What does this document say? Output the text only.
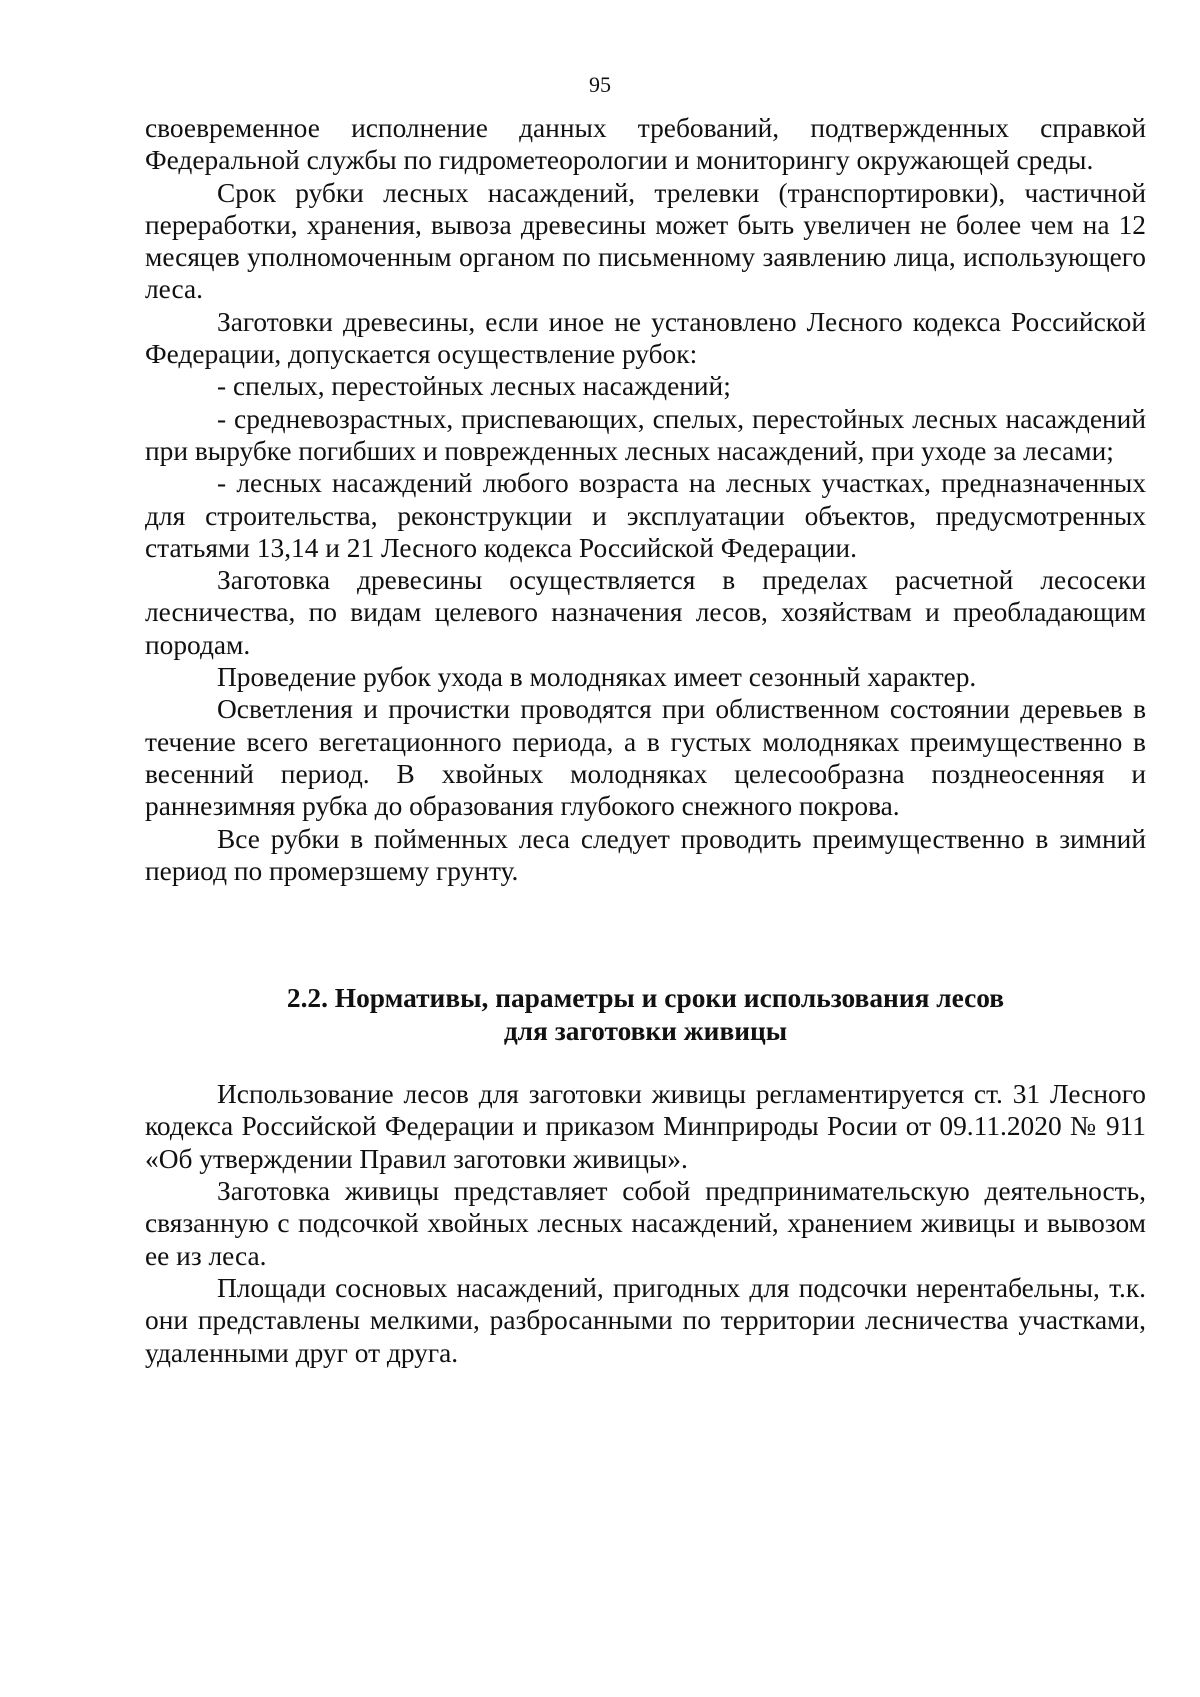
95

своевременное исполнение данных требований, подтвержденных справкой Федеральной службы по гидрометеорологии и мониторингу окружающей среды.

Срок рубки лесных насаждений, трелевки (транспортировки), частичной переработки, хранения, вывоза древесины может быть увеличен не более чем на 12 месяцев уполномоченным органом по письменному заявлению лица, использующего леса.

Заготовки древесины, если иное не установлено Лесного кодекса Российской Федерации, допускается осуществление рубок:

- спелых, перестойных лесных насаждений;

- средневозрастных, приспевающих, спелых, перестойных лесных насаждений при вырубке погибших и поврежденных лесных насаждений, при уходе за лесами;

- лесных насаждений любого возраста на лесных участках, предназначенных для строительства, реконструкции и эксплуатации объектов, предусмотренных статьями 13,14 и 21 Лесного кодекса Российской Федерации.

Заготовка древесины осуществляется в пределах расчетной лесосеки лесничества, по видам целевого назначения лесов, хозяйствам и преобладающим породам.

Проведение рубок ухода в молодняках имеет сезонный характер.

Осветления и прочистки проводятся при облиственном состоянии деревьев в течение всего вегетационного периода, а в густых молодняках преимущественно в весенний период. В хвойных молодняках целесообразна позднеосенняя и раннезимняя рубка до образования глубокого снежного покрова.

Все рубки в пойменных леса следует проводить преимущественно в зимний период по промерзшему грунту.

2.2. Нормативы, параметры и сроки использования лесов
для заготовки живицы

Использование лесов для заготовки живицы регламентируется ст. 31 Лесного кодекса Российской Федерации и приказом Минприроды Росии от 09.11.2020 № 911 «Об утверждении Правил заготовки живицы».

Заготовка живицы представляет собой предпринимательскую деятельность, связанную с подсочкой хвойных лесных насаждений, хранением живицы и вывозом ее из леса.

Площади сосновых насаждений, пригодных для подсочки нерентабельны, т.к. они представлены мелкими, разбросанными по территории лесничества участками, удаленными друг от друга.
